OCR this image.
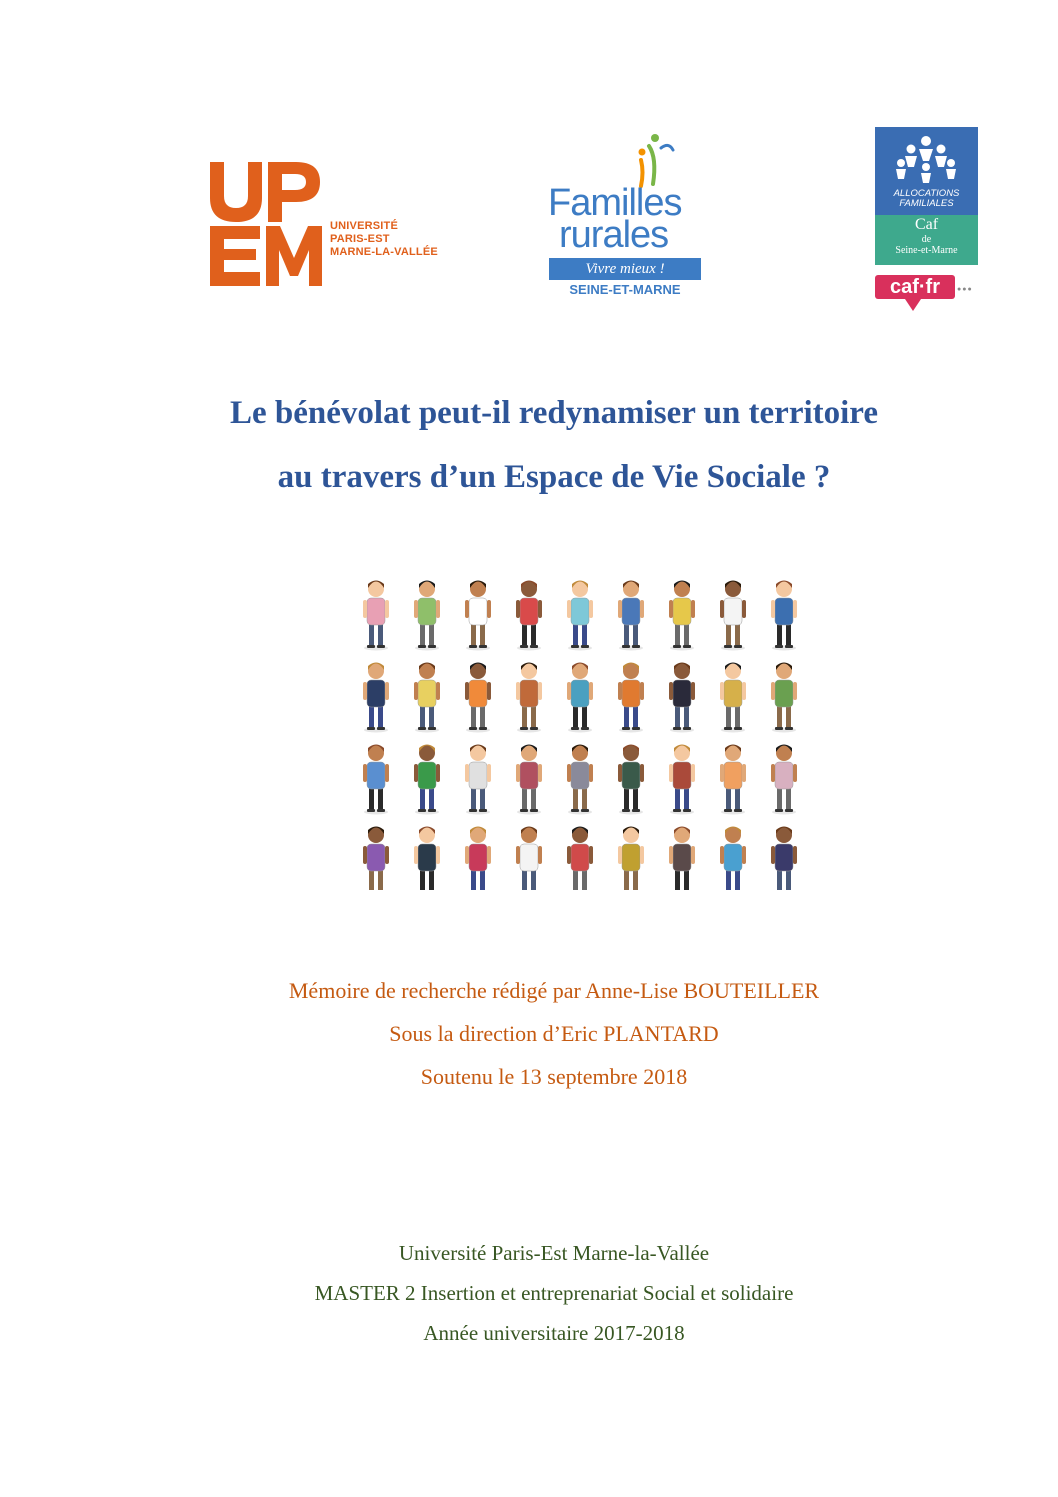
UNIVERSITÉ
PARIS-EST
MARNE-LA-VALLÉE
Familles
rurales
Vivre mieux !
SEINE-ET-MARNE
ALLOCATIONS
FAMILIALES
Caf
de
Seine-et-Marne
caf·fr	●●●
Le bénévolat peut-il redynamiser un territoire
au travers d’un Espace de Vie Sociale ?
Mémoire de recherche rédigé par Anne-Lise BOUTEILLER
Sous la direction d’Eric PLANTARD
Soutenu le 13 septembre 2018
Université Paris-Est Marne-la-Vallée
MASTER 2 Insertion et entreprenariat Social et solidaire
Année universitaire 2017-2018
